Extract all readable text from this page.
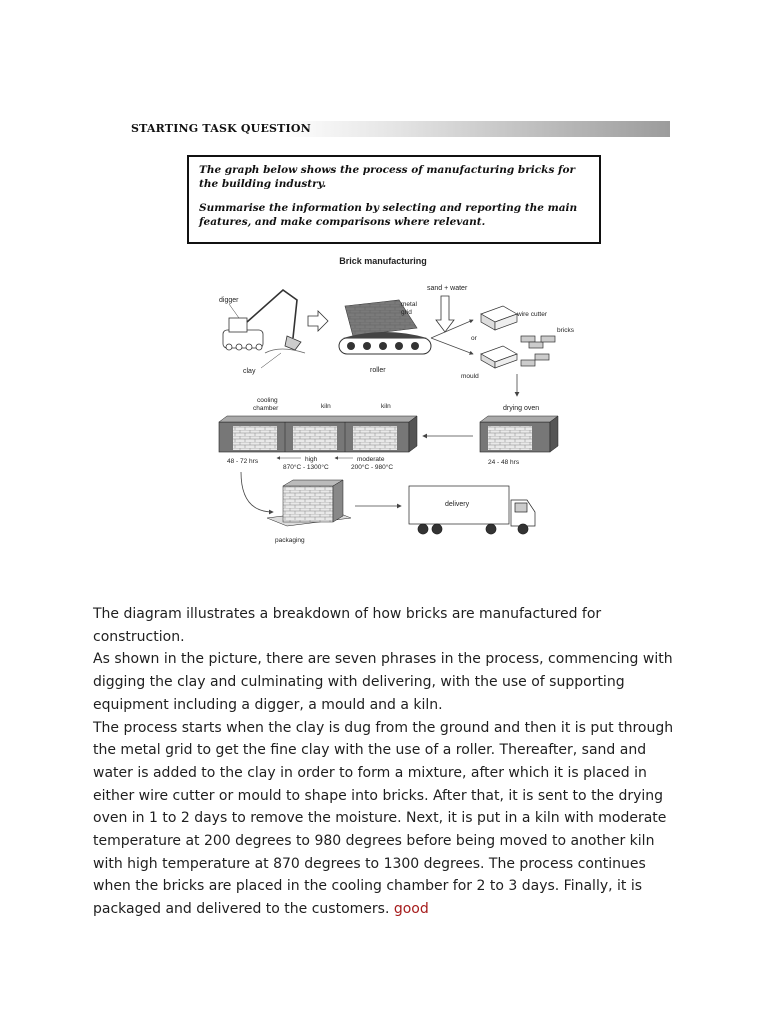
STARTING TASK QUESTION

The graph below shows the process of manufacturing bricks for the building industry.

Summarise the information by selecting and reporting the main features, and make comparisons where relevant.

Brick manufacturing
digger
clay
metal
grid
roller
sand + water
wire cutter
or
bricks
mould
drying oven
24 - 48 hrs
cooling
chamber	kiln	kiln
48 - 72 hrs	high
870°C - 1300°C
moderate
200°C - 980°C
packaging
delivery

The diagram illustrates a breakdown of how bricks are manufactured for construction.

As shown in the picture, there are seven phrases in the process, commencing with digging the clay and culminating with delivering, with the use of supporting equipment including a digger, a mould and a kiln.

The process starts when the clay is dug from the ground and then it is put through the metal grid to get the fine clay with the use of a roller. Thereafter, sand and water is added to the clay in order to form a mixture, after which it is placed in either wire cutter or mould to shape into bricks. After that, it is sent to the drying oven in 1 to 2 days to remove the moisture. Next, it is put in a kiln with moderate temperature at 200 degrees to 980 degrees before being moved to another kiln with high temperature at 870 degrees to 1300 degrees. The process continues when the bricks are placed in the cooling chamber for 2 to 3 days. Finally, it is packaged and delivered to the customers. good
